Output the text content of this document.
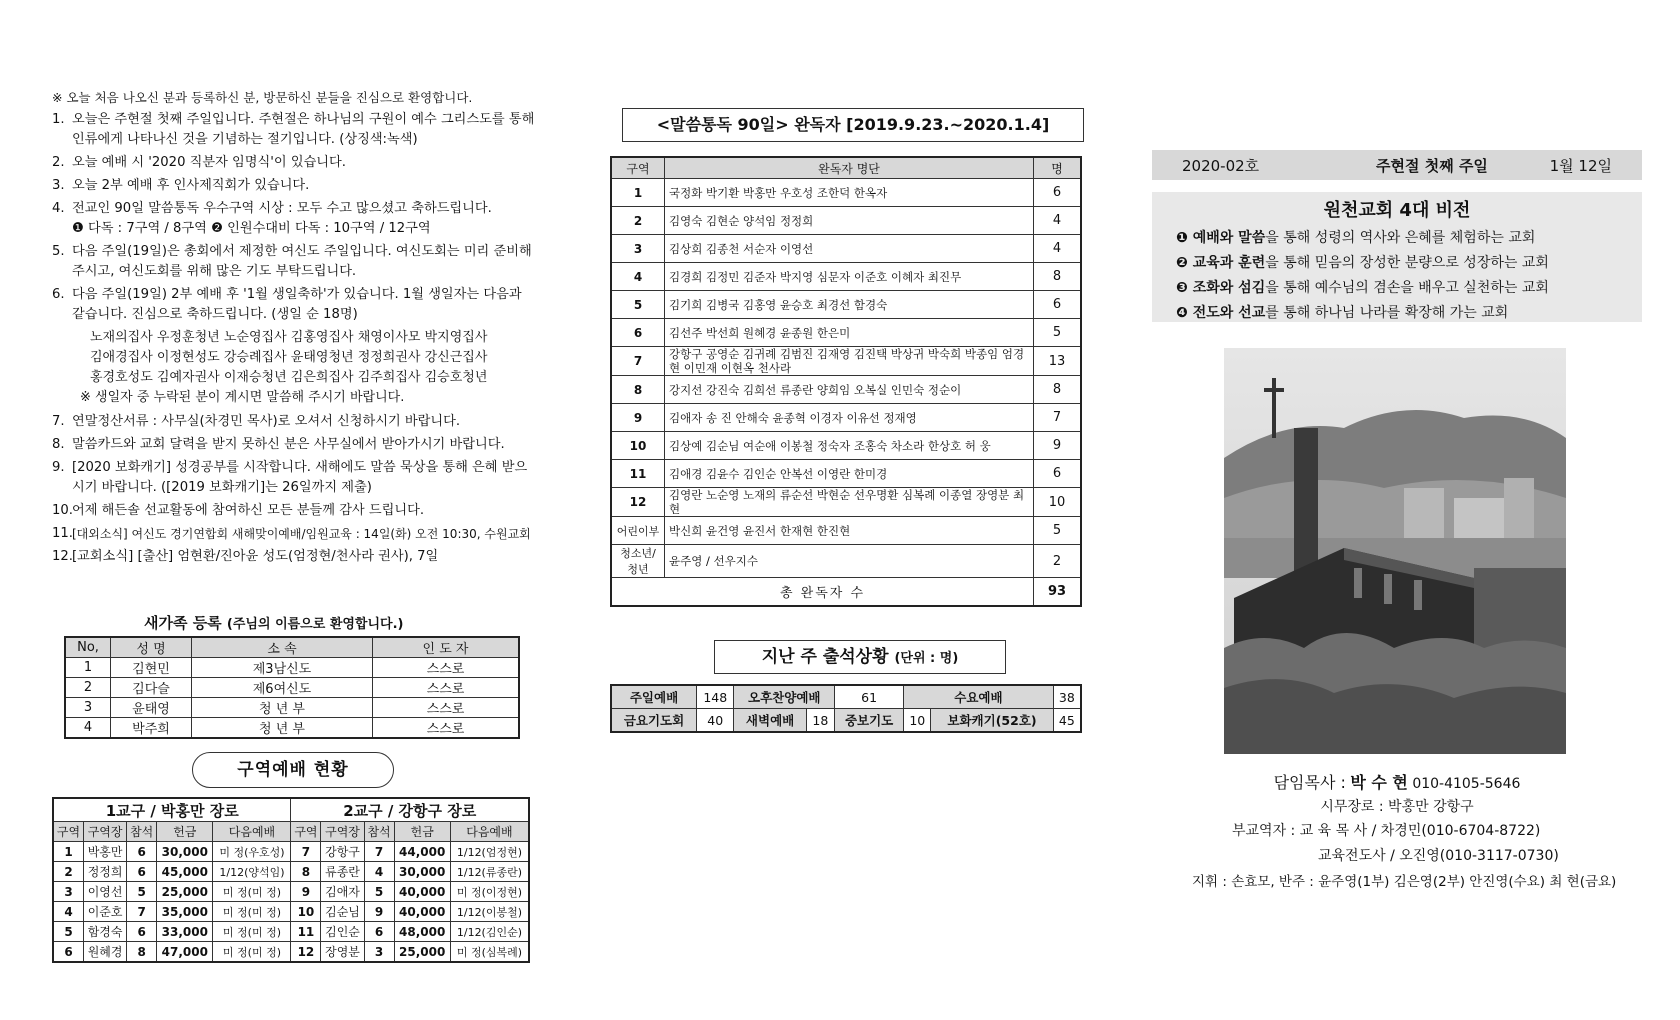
※ 오늘 처음 나오신 분과 등록하신 분, 방문하신 분들을 진심으로 환영합니다.
1. 오늘은 주현절 첫째 주일입니다. 주현절은 하나님의 구원이 예수 그리스도를 통해 인류에게 나타나신 것을 기념하는 절기입니다. (상징색:녹색)
2. 오늘 예배 시 '2020 직분자 임명식'이 있습니다.
3. 오늘 2부 예배 후 인사제직회가 있습니다.
4. 전교인 90일 말씀통독 우수구역 시상 : 모두 수고 많으셨고 축하드립니다.
❶ 다독 : 7구역 / 8구역 ❷ 인원수대비 다독 : 10구역 / 12구역
5. 다음 주일(19일)은 총회에서 제정한 여신도 주일입니다. 여신도회는 미리 준비해 주시고, 여신도회를 위해 많은 기도 부탁드립니다.
6. 다음 주일(19일) 2부 예배 후 '1월 생일축하'가 있습니다. 1월 생일자는 다음과 같습니다. 진심으로 축하드립니다. (생일 순 18명)
노재의집사 우정훈청년 노순영집사 김홍영집사 채영이사모 박지영집사
김애경집사 이정현성도 강승례집사 윤태영청년 정정희권사 강신근집사
홍경호성도 김예자권사 이재승청년 김은희집사 김주희집사 김승호청년
※ 생일자 중 누락된 분이 계시면 말씀해 주시기 바랍니다.
7. 연말정산서류 : 사무실(차경민 목사)로 오셔서 신청하시기 바랍니다.
8. 말씀카드와 교회 달력을 받지 못하신 분은 사무실에서 받아가시기 바랍니다.
9. [2020 보화캐기] 성경공부를 시작합니다. 새해에도 말씀 묵상을 통해 은혜 받으시기 바랍니다. ([2019 보화캐기]는 26일까지 제출)
10. 어제 해든솔 선교활동에 참여하신 모든 분들께 감사 드립니다.
11. [대외소식] 여신도 경기연합회 새해맞이예배/임원교육 : 14일(화) 오전 10:30, 수원교회
12. [교회소식] [출산] 엄현환/진아윤 성도(엄정현/천사라 권사), 7일
새가족 등록 (주님의 이름으로 환영합니다.)
No,	성 명	소 속	인 도 자
1	김현민	제3남신도	스스로
2	김다슬	제6여신도	스스로
3	윤태영	청 년 부	스스로
4	박주희	청 년 부	스스로
구역예배 현황
1교구 / 박홍만 장로					2교구 / 강항구 장로				
구역	구역장	참석	헌금	다음예배	구역	구역장	참석	헌금	다음예배
1	박홍만	6	30,000	미 정(우호성)	7	강항구	7	44,000	1/12(엄정현)
2	정정희	6	45,000	1/12(양석임)	8	류종란	4	30,000	1/12(류종란)
3	이영선	5	25,000	미 정(미 정)	9	김애자	5	40,000	미 정(이정현)
4	이준호	7	35,000	미 정(미 정)	10	김순님	9	40,000	1/12(이봉철)
5	함경숙	6	33,000	미 정(미 정)	11	김인순	6	48,000	1/12(김인순)
6	원혜경	8	47,000	미 정(미 정)	12	장영분	3	25,000	미 정(심복례)
<말씀통독 90일> 완독자 [2019.9.23.~2020.1.4]
구역	완독자 명단	명
1	국정화 박기환 박홍만 우호성 조한덕 한옥자	6
2	김영숙 김현순 양석임 정정희	4
3	김상희 김종천 서순자 이영선	4
4	김경희 김정민 김준자 박지영 심문자 이준호 이혜자 최진무	8
5	김기희 김병국 김홍영 윤승호 최경선 함경숙	6
6	김선주 박선희 원혜경 윤종원 한은미	5
7	강항구 공영순 김귀례 김범진 김재영 김진택 박상귀 박숙희 박종임 엄경현 이민재 이현옥 천사라	13
8	강지선 강진숙 김희선 류종란 양희임 오복실 인민숙 정순이	8
9	김애자 송 진 안해숙 윤종혁 이경자 이유선 정재영	7
10	김상예 김순님 여순애 이봉철 정숙자 조홍숙 차소라 한상호 허 웅	9
11	김애경 김윤수 김인순 안복선 이영란 한미경	6
12	김영란 노순영 노재의 류순선 박현순 선우명환 심복례 이종열 장영분 최 현	10
어린이부	박신희 윤건영 윤진서 한재현 한진현	5
청소년/청년	윤주영 / 선우지수	2
총 완독자 수		93
지난 주 출석상황 (단위 : 명)
주일예배	148	오후찬양예배		61	수요예배		38
금요기도회	40	새벽예배	18	중보기도	10	보화캐기(52호)	45
2020-02호	주현절 첫째 주일	1월 12일
원천교회 4대 비전
❶ 예배와 말씀을 통해 성령의 역사와 은혜를 체험하는 교회
❷ 교육과 훈련을 통해 믿음의 장성한 분량으로 성장하는 교회
❸ 조화와 섬김을 통해 예수님의 겸손을 배우고 실천하는 교회
❹ 전도와 선교를 통해 하나님 나라를 확장해 가는 교회
담임목사 : 박 수 현 010-4105-5646
시무장로 : 박홍만 강항구
부교역자 : 교 육 목 사 / 차경민(010-6704-8722)
교육전도사 / 오진영(010-3117-0730)
지휘 : 손효모, 반주 : 윤주영(1부) 김은영(2부) 안진영(수요) 최 현(금요)
